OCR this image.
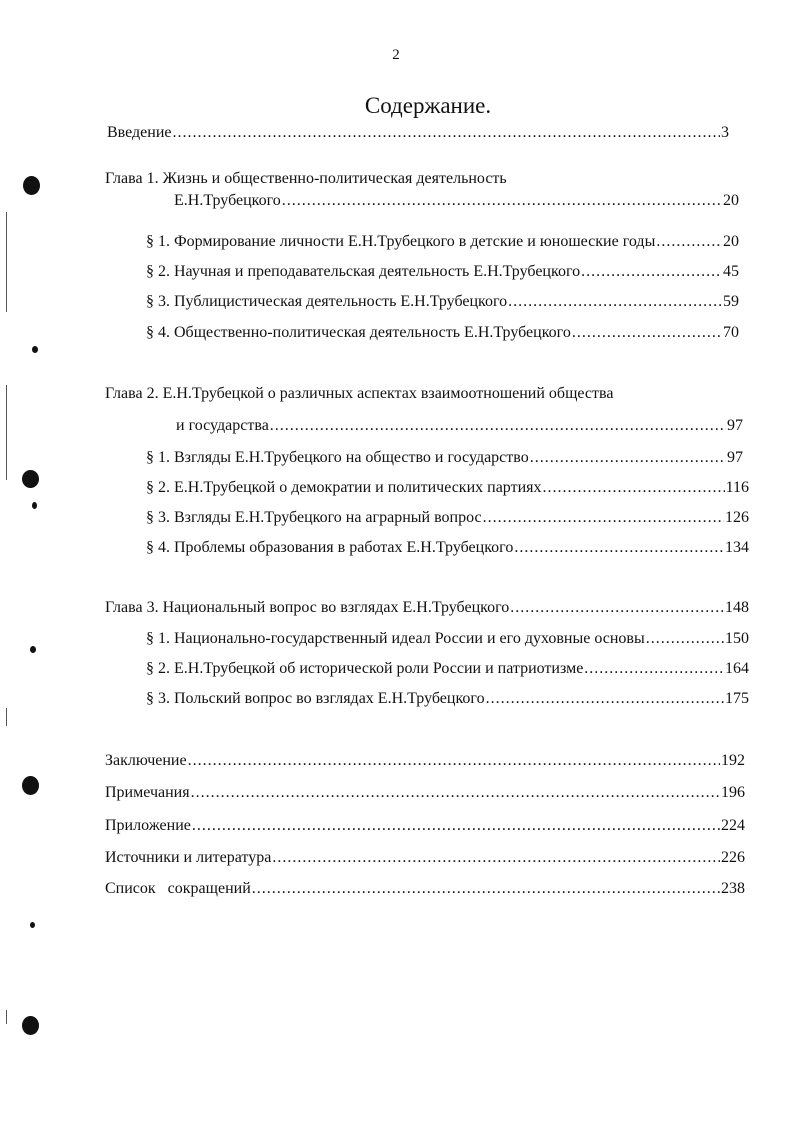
2
Содержание.
Введение .....	3
Глава 1. Жизнь и общественно-политическая деятельность
Е.Н.Трубецкого .....	20
§ 1. Формирование личности Е.Н.Трубецкого в детские и юношеские годы .....	20
§ 2. Научная и преподавательская деятельность Е.Н.Трубецкого .....	45
§ 3. Публицистическая деятельность Е.Н.Трубецкого .....	59
§ 4. Общественно-политическая деятельность Е.Н.Трубецкого .....	70
Глава 2. Е.Н.Трубецкой о различных аспектах взаимоотношений общества
и государства .....	97
§ 1. Взгляды Е.Н.Трубецкого на общество и государство .....	97
§ 2. Е.Н.Трубецкой о демократии и политических партиях .....	116
§ 3. Взгляды Е.Н.Трубецкого на аграрный вопрос .....	126
§ 4. Проблемы образования в работах Е.Н.Трубецкого .....	134
Глава 3. Национальный вопрос во взглядах Е.Н.Трубецкого .....	148
§ 1. Национально-государственный идеал России и его духовные основы .....	150
§ 2. Е.Н.Трубецкой об исторической роли России и патриотизме .....	164
§ 3. Польский вопрос во взглядах Е.Н.Трубецкого .....	175
Заключение .....	192
Примечания .....	196
Приложение .....	224
Источники и литература .....	226
Список   сокращений .....	238
